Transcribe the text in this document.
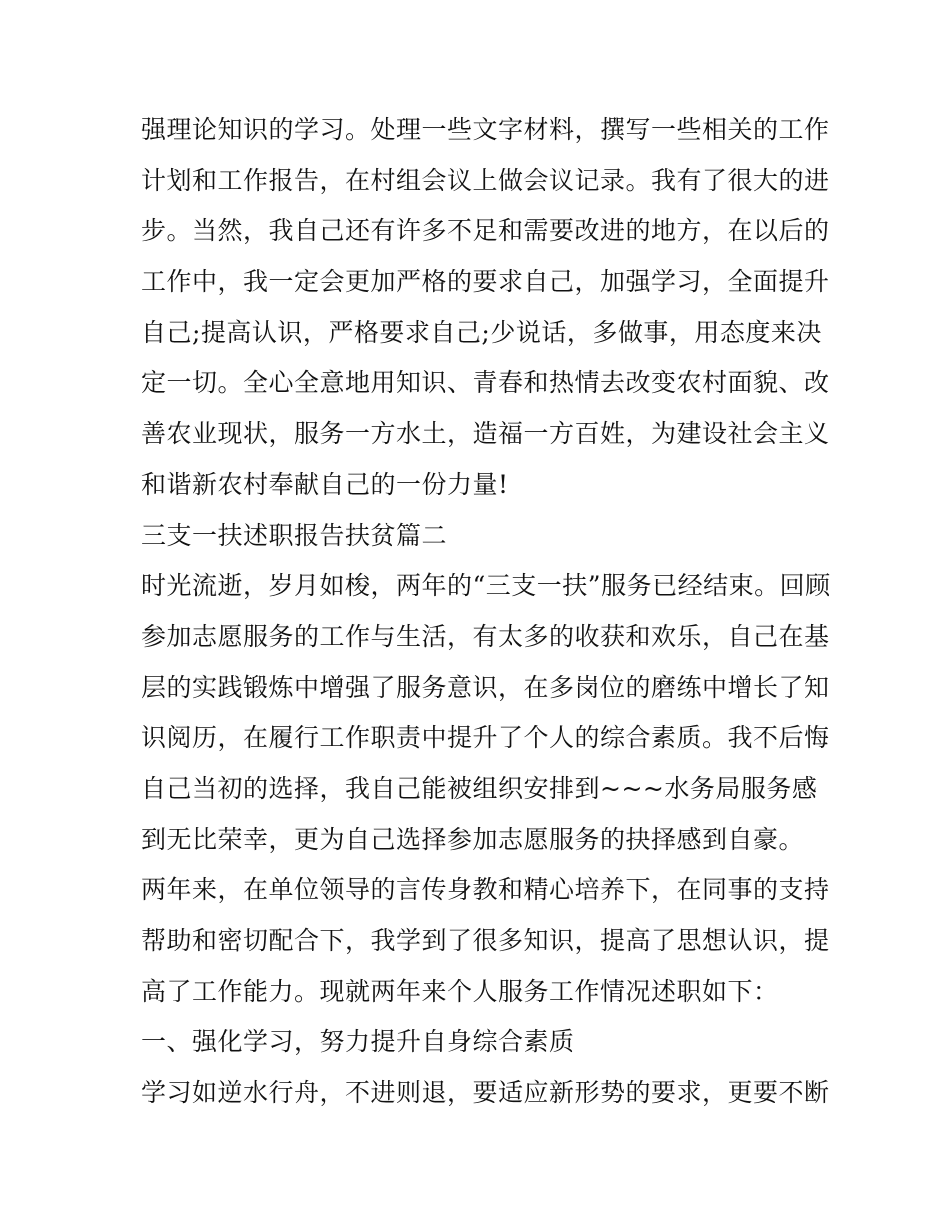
强理论知识的学习。处理一些文字材料，撰写一些相关的工作
计划和工作报告，在村组会议上做会议记录。我有了很大的进
步。当然，我自己还有许多不足和需要改进的地方，在以后的
工作中，我一定会更加严格的要求自己，加强学习，全面提升
自己;提高认识，严格要求自己;少说话，多做事，用态度来决
定一切。全心全意地用知识、青春和热情去改变农村面貌、改
善农业现状，服务一方水土，造福一方百姓，为建设社会主义
和谐新农村奉献自己的一份力量!
三支一扶述职报告扶贫篇二
时光流逝，岁月如梭，两年的“三支一扶”服务已经结束。回顾
参加志愿服务的工作与生活，有太多的收获和欢乐，自己在基
层的实践锻炼中增强了服务意识，在多岗位的磨练中增长了知
识阅历，在履行工作职责中提升了个人的综合素质。我不后悔
自己当初的选择，我自己能被组织安排到~~~水务局服务感
到无比荣幸，更为自己选择参加志愿服务的抉择感到自豪。
两年来，在单位领导的言传身教和精心培养下，在同事的支持
帮助和密切配合下，我学到了很多知识，提高了思想认识，提
高了工作能力。现就两年来个人服务工作情况述职如下：
一、强化学习，努力提升自身综合素质
学习如逆水行舟，不进则退，要适应新形势的要求，更要不断
